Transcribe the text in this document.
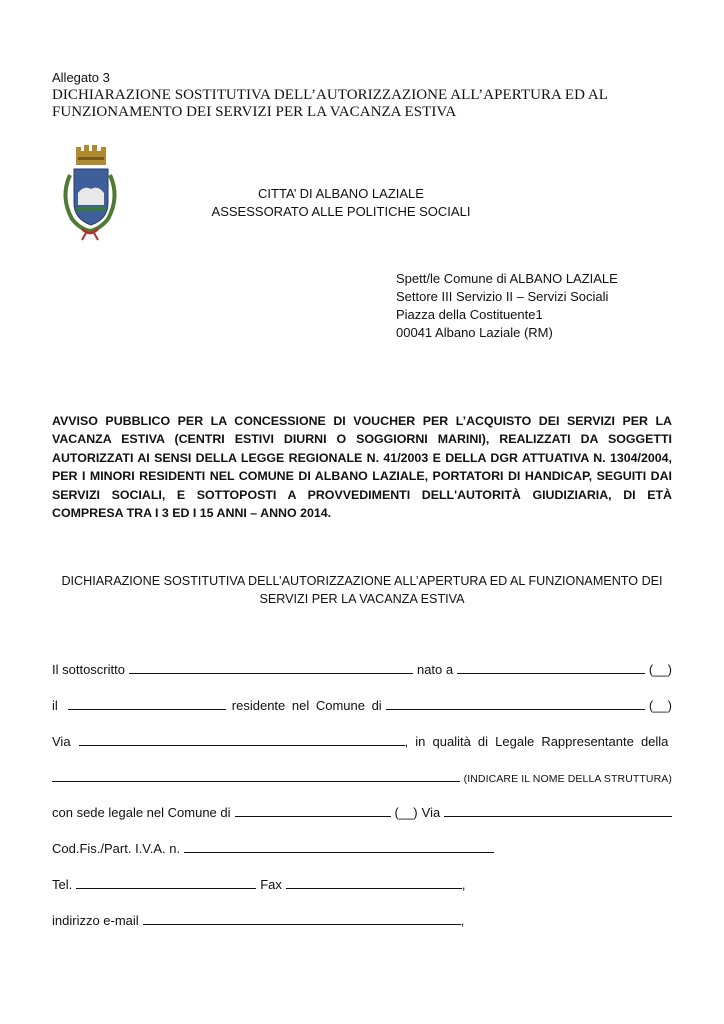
Allegato 3
DICHIARAZIONE SOSTITUTIVA DELL’AUTORIZZAZIONE ALL’APERTURA ED AL
FUNZIONAMENTO DEI SERVIZI PER LA VACANZA ESTIVA
CITTA’ DI ALBANO LAZIALE
ASSESSORATO ALLE POLITICHE SOCIALI
Spett/le Comune di ALBANO LAZIALE
Settore III Servizio II – Servizi Sociali
Piazza della Costituente1
00041 Albano Laziale (RM)
AVVISO PUBBLICO PER LA CONCESSIONE DI VOUCHER PER L’ACQUISTO DEI SERVIZI PER LA VACANZA ESTIVA (CENTRI ESTIVI DIURNI O SOGGIORNI MARINI), REALIZZATI DA SOGGETTI AUTORIZZATI AI SENSI DELLA LEGGE REGIONALE N. 41/2003 E DELLA DGR ATTUATIVA N. 1304/2004, PER I MINORI RESIDENTI NEL COMUNE DI ALBANO LAZIALE, PORTATORI DI HANDICAP, SEGUITI DAI SERVIZI SOCIALI, E SOTTOPOSTI A PROVVEDIMENTI DELL'AUTORITÀ GIUDIZIARIA, DI ETÀ COMPRESA TRA I 3 ED I 15 ANNI – ANNO 2014.
DICHIARAZIONE SOSTITUTIVA DELL’AUTORIZZAZIONE ALL’APERTURA ED AL FUNZIONAMENTO DEI
SERVIZI PER LA VACANZA ESTIVA
Il sottoscritto	nato a	(__)
il	residente nel Comune di	(__)
Via	, in qualità di Legale Rappresentante della
(INDICARE IL NOME DELLA STRUTTURA)
con sede legale nel Comune di	(__) Via
Cod.Fis./Part. I.V.A. n.
Tel.	Fax	,
indirizzo e-mail	,
